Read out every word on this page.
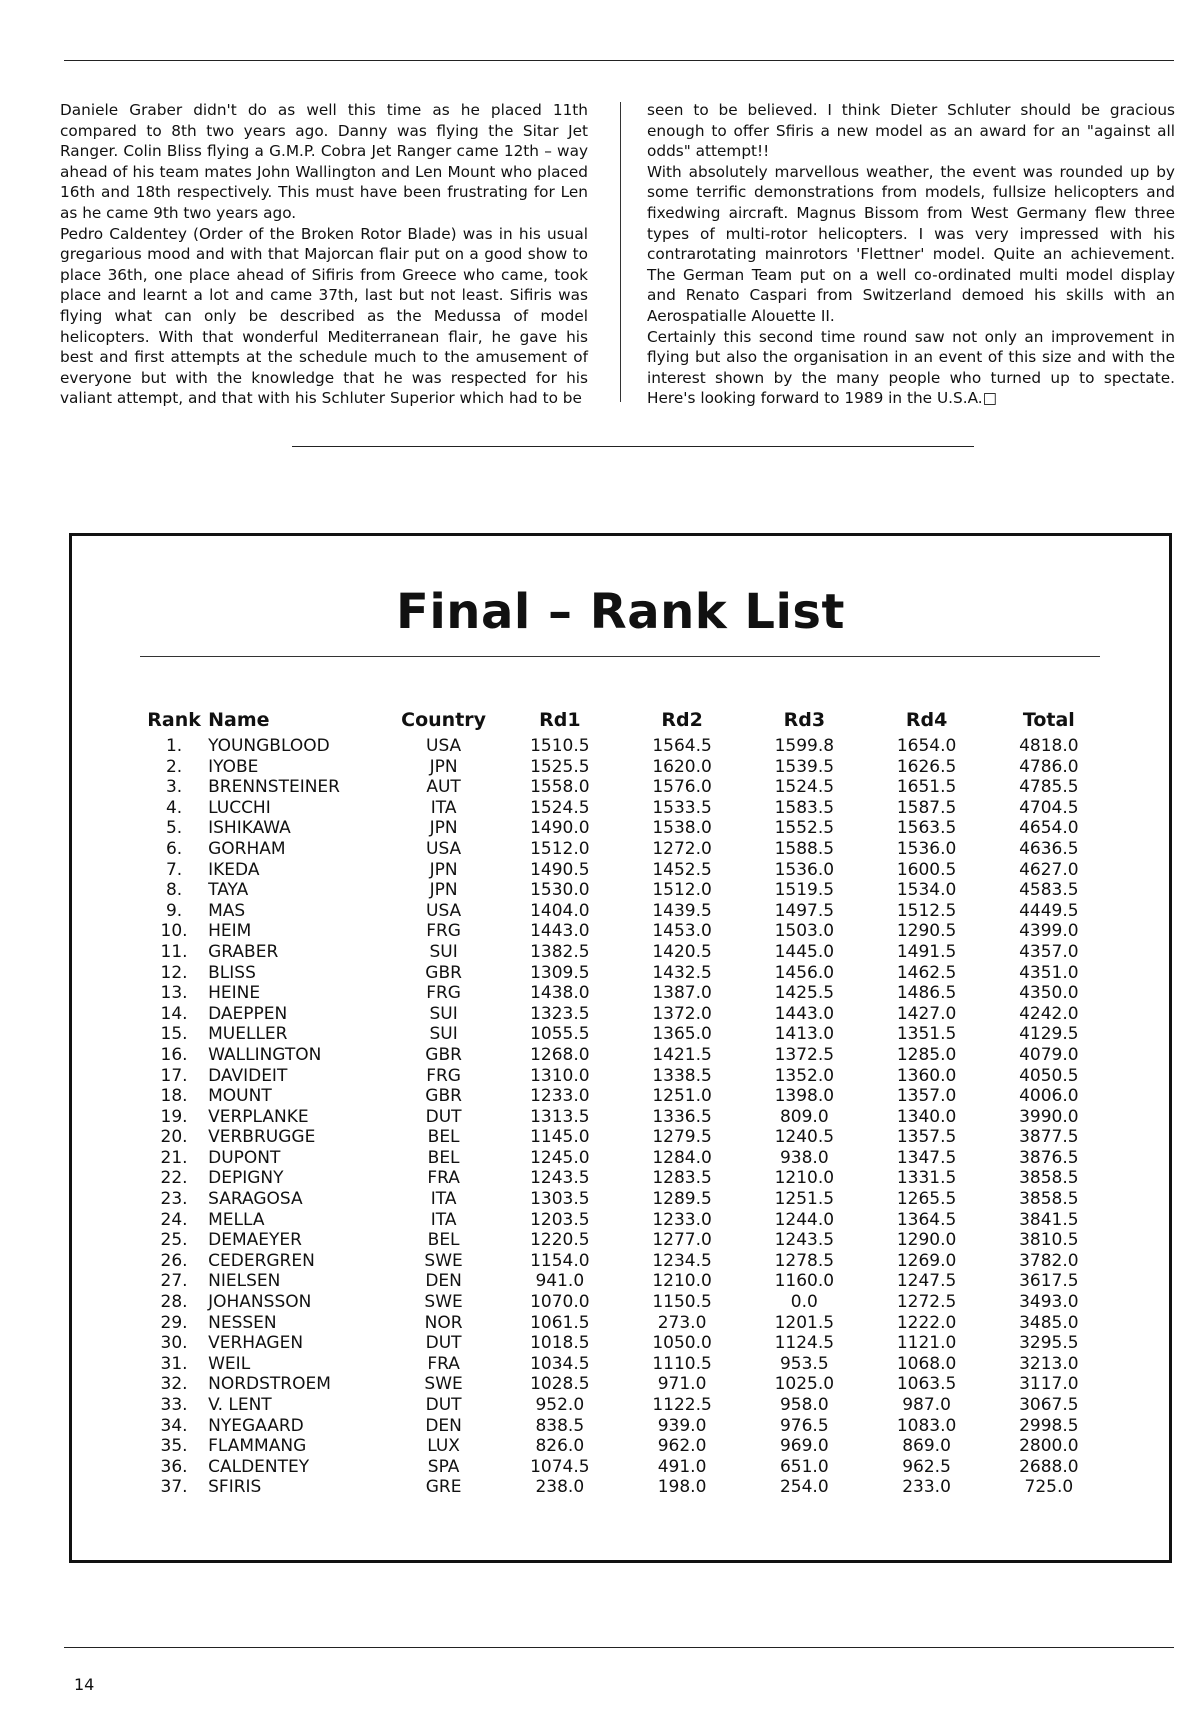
Daniele Graber didn't do as well this time as he placed 11th compared to 8th two years ago. Danny was flying the Sitar Jet Ranger. Colin Bliss flying a G.M.P. Cobra Jet Ranger came 12th – way ahead of his team mates John Wallington and Len Mount who placed 16th and 18th respectively. This must have been frustrating for Len as he came 9th two years ago.

Pedro Caldentey (Order of the Broken Rotor Blade) was in his usual gregarious mood and with that Majorcan flair put on a good show to place 36th, one place ahead of Sifiris from Greece who came, took place and learnt a lot and came 37th, last but not least. Sifiris was flying what can only be described as the Medussa of model helicopters. With that wonderful Mediterranean flair, he gave his best and first attempts at the schedule much to the amusement of everyone but with the knowledge that he was respected for his valiant attempt, and that with his Schluter Superior which had to be

seen to be believed. I think Dieter Schluter should be gracious enough to offer Sfiris a new model as an award for an "against all odds" attempt!!

With absolutely marvellous weather, the event was rounded up by some terrific demonstrations from models, fullsize helicopters and fixedwing aircraft. Magnus Bissom from West Germany flew three types of multi-rotor helicopters. I was very impressed with his contrarotating mainrotors 'Flettner' model. Quite an achievement. The German Team put on a well co-ordinated multi model display and Renato Caspari from Switzerland demoed his skills with an Aerospatialle Alouette II.

Certainly this second time round saw not only an improvement in flying but also the organisation in an event of this size and with the interest shown by the many people who turned up to spectate. Here's looking forward to 1989 in the U.S.A.□

Final – Rank List
Rank	Name	Country	Rd1	Rd2	Rd3	Rd4	Total
1.	YOUNGBLOOD	USA	1510.5	1564.5	1599.8	1654.0	4818.0
2.	IYOBE	JPN	1525.5	1620.0	1539.5	1626.5	4786.0
3.	BRENNSTEINER	AUT	1558.0	1576.0	1524.5	1651.5	4785.5
4.	LUCCHI	ITA	1524.5	1533.5	1583.5	1587.5	4704.5
5.	ISHIKAWA	JPN	1490.0	1538.0	1552.5	1563.5	4654.0
6.	GORHAM	USA	1512.0	1272.0	1588.5	1536.0	4636.5
7.	IKEDA	JPN	1490.5	1452.5	1536.0	1600.5	4627.0
8.	TAYA	JPN	1530.0	1512.0	1519.5	1534.0	4583.5
9.	MAS	USA	1404.0	1439.5	1497.5	1512.5	4449.5
10.	HEIM	FRG	1443.0	1453.0	1503.0	1290.5	4399.0
11.	GRABER	SUI	1382.5	1420.5	1445.0	1491.5	4357.0
12.	BLISS	GBR	1309.5	1432.5	1456.0	1462.5	4351.0
13.	HEINE	FRG	1438.0	1387.0	1425.5	1486.5	4350.0
14.	DAEPPEN	SUI	1323.5	1372.0	1443.0	1427.0	4242.0
15.	MUELLER	SUI	1055.5	1365.0	1413.0	1351.5	4129.5
16.	WALLINGTON	GBR	1268.0	1421.5	1372.5	1285.0	4079.0
17.	DAVIDEIT	FRG	1310.0	1338.5	1352.0	1360.0	4050.5
18.	MOUNT	GBR	1233.0	1251.0	1398.0	1357.0	4006.0
19.	VERPLANKE	DUT	1313.5	1336.5	809.0	1340.0	3990.0
20.	VERBRUGGE	BEL	1145.0	1279.5	1240.5	1357.5	3877.5
21.	DUPONT	BEL	1245.0	1284.0	938.0	1347.5	3876.5
22.	DEPIGNY	FRA	1243.5	1283.5	1210.0	1331.5	3858.5
23.	SARAGOSA	ITA	1303.5	1289.5	1251.5	1265.5	3858.5
24.	MELLA	ITA	1203.5	1233.0	1244.0	1364.5	3841.5
25.	DEMAEYER	BEL	1220.5	1277.0	1243.5	1290.0	3810.5
26.	CEDERGREN	SWE	1154.0	1234.5	1278.5	1269.0	3782.0
27.	NIELSEN	DEN	941.0	1210.0	1160.0	1247.5	3617.5
28.	JOHANSSON	SWE	1070.0	1150.5	0.0	1272.5	3493.0
29.	NESSEN	NOR	1061.5	273.0	1201.5	1222.0	3485.0
30.	VERHAGEN	DUT	1018.5	1050.0	1124.5	1121.0	3295.5
31.	WEIL	FRA	1034.5	1110.5	953.5	1068.0	3213.0
32.	NORDSTROEM	SWE	1028.5	971.0	1025.0	1063.5	3117.0
33.	V. LENT	DUT	952.0	1122.5	958.0	987.0	3067.5
34.	NYEGAARD	DEN	838.5	939.0	976.5	1083.0	2998.5
35.	FLAMMANG	LUX	826.0	962.0	969.0	869.0	2800.0
36.	CALDENTEY	SPA	1074.5	491.0	651.0	962.5	2688.0
37.	SFIRIS	GRE	238.0	198.0	254.0	233.0	725.0
14
